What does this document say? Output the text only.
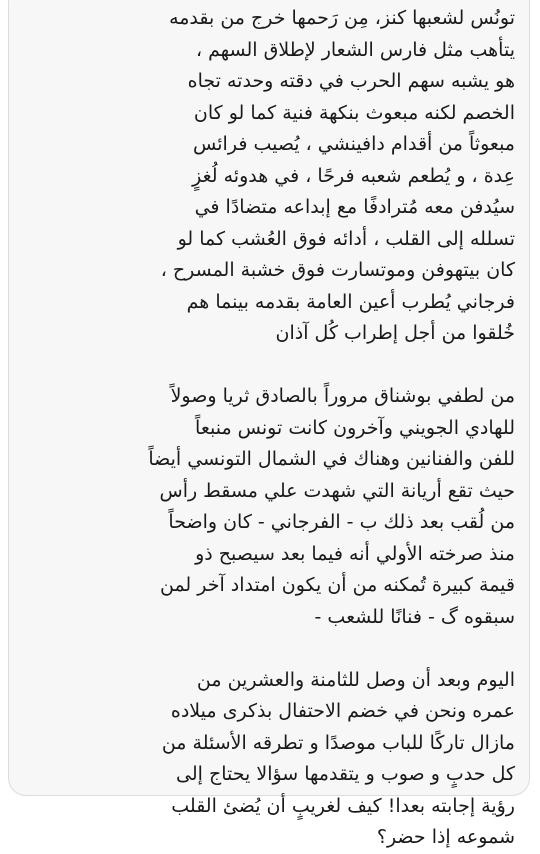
تونُس لشعبها كنز، مِن رَحمها خرج من بقدمه
يتأهب مثل فارس الشعار لإطلاق السهم ،
هو يشبه سهم الحرب في دقته وحدته تجاه
الخصم لكنه مبعوث بنكهة فنية كما لو كان
مبعوثاً من أقدام دافينشي ، يُصيب فرائس
عِدة ، و يُطعم شعبه فرحًا ، في هدوئه لُغزٍ
سيُدفن معه مُترادفًا مع إبداعه متضادًا في
تسلله إلى القلب ، أدائه فوق العُشب كما لو
كان بيتهوفن وموتسارت فوق خشبة المسرح ،
فرجاني يُطرب أعين العامة بقدمه بينما هم
خُلقوا من أجل إطراب كُل آذان
من لطفي بوشناق مروراً بالصادق ثريا وصولاً
للهادي الجويني وآخرون كانت تونس منبعاً
للفن والفنانين وهناك في الشمال التونسي أيضاً
حيث تقع أريانة التي شهدت علي مسقط رأس
من لُقب بعد ذلك ب - الفرجاني - كان واضحاً
منذ صرخته الأولي أنه فيما بعد سيصبح ذو
قيمة كبيرة تُمكنه من أن يكون امتداد آخر لمن
سبقوه گ - فنانًا للشعب -
اليوم وبعد أن وصل للثامنة والعشرين من
عمره ونحن في خضم الاحتفال بذكرى ميلاده
مازال تاركًا للباب موصدًا و تطرقه الأسئلة من
كل حدبٍ و صوب و يتقدمها سؤالا يحتاج إلى
رؤية إجابته بعدا! كيف لغريبٍ أن يُضئ القلب
شموعه إذا حضر؟
